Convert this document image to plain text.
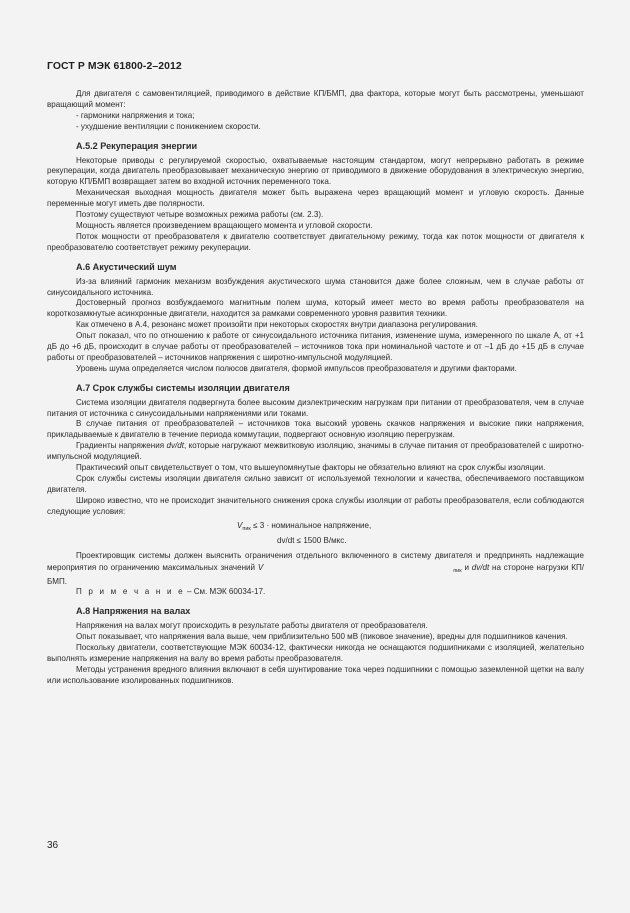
ГОСТ Р МЭК 61800-2–2012

Для двигателя с самовентиляцией, приводимого в действие КП/БМП, два фактора, которые могут быть рассмотрены, уменьшают вращающий момент:

- гармоники напряжения и тока;

- ухудшение вентиляции с понижением скорости.

А.5.2 Рекуперация энергии

Некоторые приводы с регулируемой скоростью, охватываемые настоящим стандартом, могут непрерывно работать в режиме рекуперации, когда двигатель преобразовывает механическую энергию от приводимого в движение оборудования в электрическую энергию, которую КП/БМП возвращает затем во входной источник переменного тока.

Механическая выходная мощность двигателя может быть выражена через вращающий момент и угловую скорость. Данные переменные могут иметь две полярности.

Поэтому существуют четыре возможных режима работы (см. 2.3).

Мощность является произведением вращающего момента и угловой скорости.

Поток мощности от преобразователя к двигателю соответствует двигательному режиму, тогда как поток мощности от двигателя к преобразователю соответствует режиму рекуперации.

А.6 Акустический шум

Из-за влияний гармоник механизм возбуждения акустического шума становится даже более сложным, чем в случае работы от синусоидального источника.

Достоверный прогноз возбуждаемого магнитным полем шума, который имеет место во время работы преобразователя на короткозамкнутые асинхронные двигатели, находится за рамками современного уровня развития техники.

Как отмечено в А.4, резонанс может произойти при некоторых скоростях внутри диапазона регулирования.

Опыт показал, что по отношению к работе от синусоидального источника питания, изменение шума, измеренного по шкале А, от +1 дБ до +6 дБ, происходит в случае работы от преобразователей – источников тока при номинальной частоте и от –1 дБ до +15 дБ в случае работы от преобразователей – источников напряжения с широтно-импульсной модуляцией.

Уровень шума определяется числом полюсов двигателя, формой импульсов преобразователя и другими факторами.

А.7 Срок службы системы изоляции двигателя

Система изоляции двигателя подвергнута более высоким диэлектрическим нагрузкам при питании от преобразователя, чем в случае питания от источника с синусоидальными напряжениями или токами.

В случае питания от преобразователей – источников тока высокий уровень скачков напряжения и высокие пики напряжения, прикладываемые к двигателю в течение периода коммутации, подвергают основную изоляцию перегрузкам.

Градиенты напряжения dv/dt, которые нагружают межвитковую изоляцию, значимы в случае питания от преобразователей с широтно-импульсной модуляцией.

Практический опыт свидетельствует о том, что вышеупомянутые факторы не обязательно влияют на срок службы изоляции.

Срок службы системы изоляции двигателя сильно зависит от используемой технологии и качества, обеспечиваемого поставщиком двигателя.

Широко известно, что не происходит значительного снижения срока службы изоляции от работы преобразователя, если соблюдаются следующие условия:

$V_{пик} \le 3$ · номинальное напряжение,
dv/dt ≤ 1500 В/мкс.

Проектировщик системы должен выяснить ограничения отдельного включенного в систему двигателя и предпринять надлежащие мероприятия по ограничению максимальных значений V	$_{пик}$ и dv/dt на стороне нагрузки КП/БМП.

П р и м е ч а н и е – См. МЭК 60034-17.

А.8 Напряжения на валах

Напряжения на валах могут происходить в результате работы двигателя от преобразователя.

Опыт показывает, что напряжения вала выше, чем приблизительно 500 мВ (пиковое значение), вредны для подшипников качения.

Поскольку двигатели, соответствующие МЭК 60034-12, фактически никогда не оснащаются подшипниками с изоляцией, желательно выполнять измерение напряжения на валу во время работы преобразователя.

Методы устранения вредного влияния включают в себя шунтирование тока через подшипники с помощью заземленной щетки на валу или использование изолированных подшипников.

36
